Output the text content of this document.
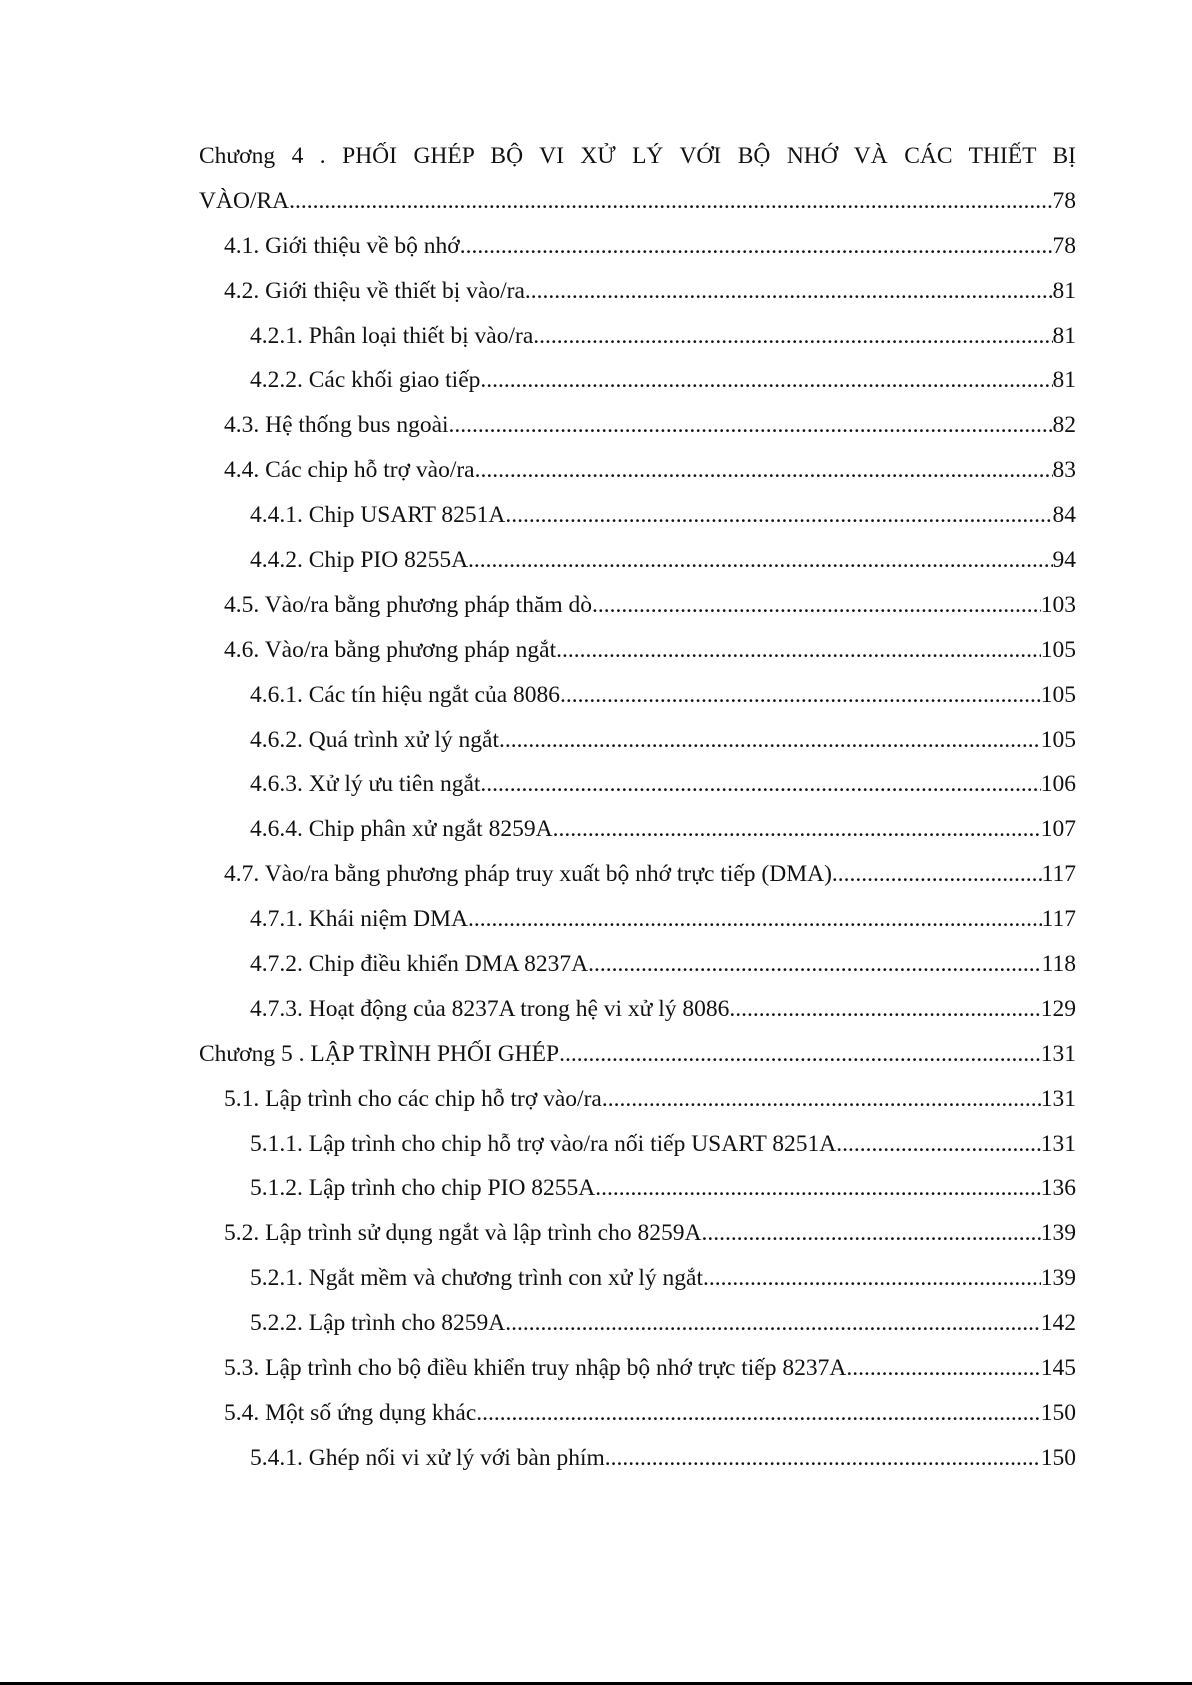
Chương 4 . PHỐI GHÉP BỘ VI XỬ LÝ VỚI BỘ NHỚ VÀ CÁC THIẾT BỊ
VÀO/RA .....	78
4.1. Giới thiệu về bộ nhớ .....	78
4.2. Giới thiệu về thiết bị vào/ra .....	81
4.2.1. Phân loại thiết bị vào/ra .....	81
4.2.2. Các khối giao tiếp .....	81
4.3. Hệ thống bus ngoài .....	82
4.4. Các chip hỗ trợ vào/ra .....	83
4.4.1. Chip USART 8251A .....	84
4.4.2. Chip PIO 8255A .....	94
4.5. Vào/ra bằng phương pháp thăm dò .....	103
4.6. Vào/ra bằng phương pháp ngắt .....	105
4.6.1. Các tín hiệu ngắt của 8086 .....	105
4.6.2. Quá trình xử lý ngắt .....	105
4.6.3. Xử lý ưu tiên ngắt .....	106
4.6.4. Chip phân xử ngắt 8259A .....	107
4.7. Vào/ra bằng phương pháp truy xuất bộ nhớ trực tiếp (DMA) .....	117
4.7.1. Khái niệm DMA .....	117
4.7.2. Chip điều khiển DMA 8237A .....	118
4.7.3. Hoạt động của 8237A trong hệ vi xử lý 8086 .....	129
Chương 5 . LẬP TRÌNH PHỐI GHÉP .....	131
5.1. Lập trình cho các chip hỗ trợ vào/ra .....	131
5.1.1. Lập trình cho chip hỗ trợ vào/ra nối tiếp USART 8251A .....	131
5.1.2. Lập trình cho chip PIO 8255A .....	136
5.2. Lập trình sử dụng ngắt và lập trình cho 8259A .....	139
5.2.1. Ngắt mềm và chương trình con xử lý ngắt .....	139
5.2.2. Lập trình cho 8259A .....	142
5.3. Lập trình cho bộ điều khiển truy nhập bộ nhớ trực tiếp 8237A .....	145
5.4. Một số ứng dụng khác .....	150
5.4.1. Ghép nối vi xử lý với bàn phím .....	150
